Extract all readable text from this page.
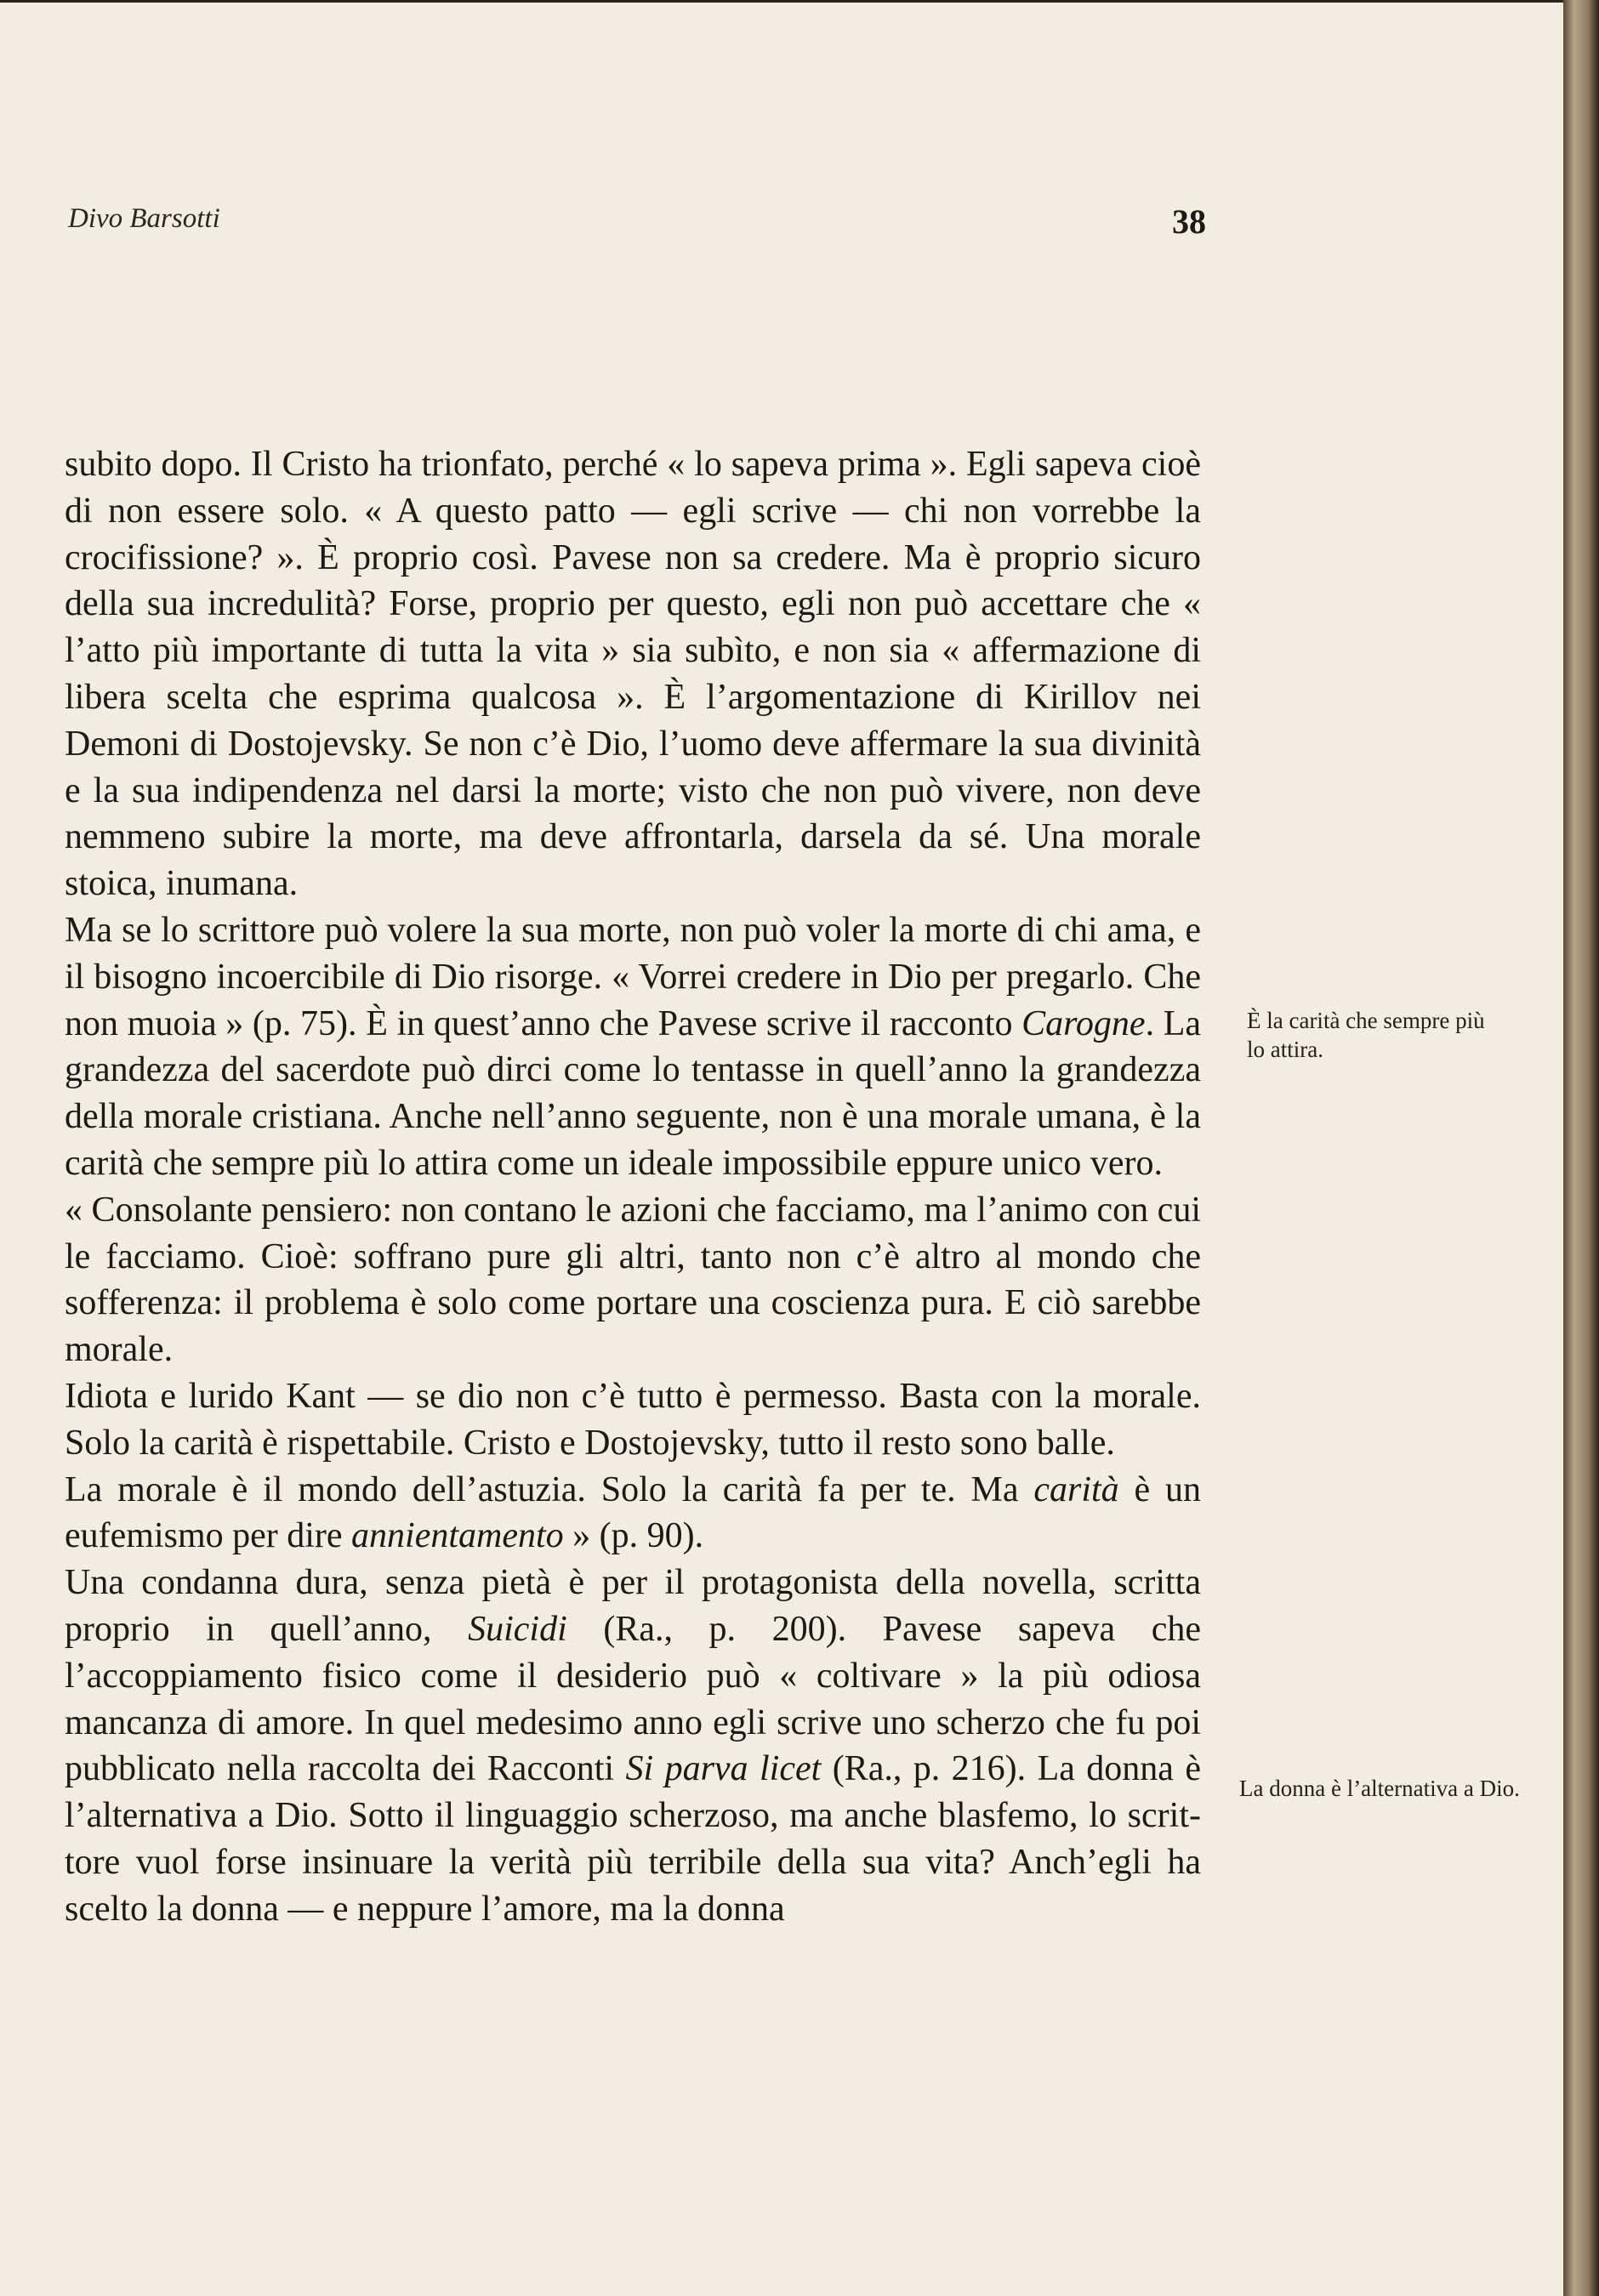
Divo Barsotti	38

subito dopo. Il Cristo ha trionfato, perché « lo sapeva prima ». Egli sapeva cioè di non essere solo. « A questo patto — egli scrive — chi non vorrebbe la crocifissione? ». È proprio così. Pavese non sa credere. Ma è proprio sicuro della sua incredulità? Forse, proprio per questo, egli non può accettare che « l’atto più importante di tutta la vita » sia subìto, e non sia « affermazione di libera scelta che esprima qualcosa ». È l’argomentazione di Kirillov nei Demoni di Dostojevsky. Se non c’è Dio, l’uomo deve affermare la sua divinità e la sua indipendenza nel darsi la morte; visto che non può vivere, non deve nemmeno subire la morte, ma deve affrontarla, darsela da sé. Una morale stoica, inumana.

Ma se lo scrittore può volere la sua morte, non può voler la morte di chi ama, e il bisogno incoercibile di Dio risorge. « Vorrei credere in Dio per pregarlo. Che non muoia » (p. 75). È in quest’anno che Pavese scrive il racconto Carogne. La grandezza del sacerdote può dirci come lo tentasse in quell’anno la grandezza della morale cristiana. Anche nell’anno seguente, non è una morale umana, è la carità che sempre più lo attira come un ideale impossibile eppure unico vero.

« Consolante pensiero: non contano le azioni che facciamo, ma l’animo con cui le facciamo. Cioè: soffrano pure gli altri, tanto non c’è altro al mondo che sofferenza: il problema è solo come portare una coscienza pura. E ciò sarebbe morale.

Idiota e lurido Kant — se dio non c’è tutto è permesso. Basta con la morale. Solo la carità è rispettabile. Cristo e Dostojevsky, tutto il resto sono balle.

La morale è il mondo dell’astuzia. Solo la carità fa per te. Ma carità è un eufemismo per dire annientamento » (p. 90).

Una condanna dura, senza pietà è per il protagonista della novella, scritta proprio in quell’anno, Suicidi (Ra., p. 200). Pavese sapeva che l’accoppiamento fisico come il desiderio può « coltivare » la più odiosa mancanza di amore. In quel medesimo anno egli scrive uno scherzo che fu poi pubblicato nella raccolta dei Racconti Si parva licet (Ra., p. 216). La donna è l’alternativa a Dio. Sotto il linguaggio scherzoso, ma anche blasfemo, lo scrittore vuol forse insinuare la verità più terribile della sua vita? Anch’egli ha scelto la donna — e neppure l’amore, ma la donna

È la carità che sempre più lo attira.
La donna è l’alternativa a Dio.
